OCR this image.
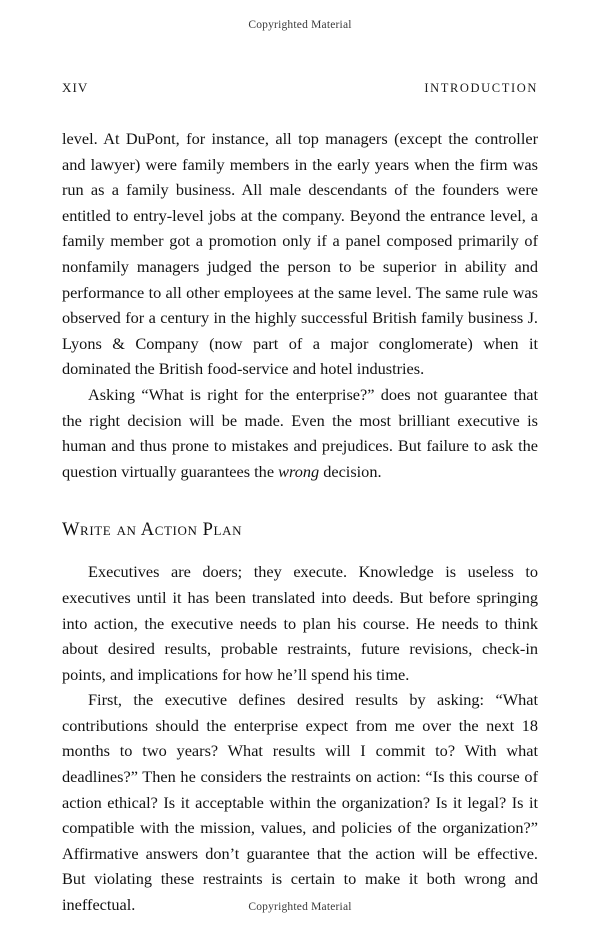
Copyrighted Material
XIV	INTRODUCTION

level. At DuPont, for instance, all top managers (except the controller and lawyer) were family members in the early years when the firm was run as a family business. All male descendants of the founders were entitled to entry-level jobs at the company. Beyond the entrance level, a family member got a promotion only if a panel composed primarily of nonfamily managers judged the person to be superior in ability and performance to all other employees at the same level. The same rule was observed for a century in the highly successful British family business J. Lyons & Company (now part of a major conglomerate) when it dominated the British food-service and hotel industries.

Asking “What is right for the enterprise?” does not guarantee that the right decision will be made. Even the most brilliant executive is human and thus prone to mistakes and prejudices. But failure to ask the question virtually guarantees the wrong decision.

Write an Action Plan

Executives are doers; they execute. Knowledge is useless to executives until it has been translated into deeds. But before springing into action, the executive needs to plan his course. He needs to think about desired results, probable restraints, future revisions, check-in points, and implications for how he’ll spend his time.

First, the executive defines desired results by asking: “What contributions should the enterprise expect from me over the next 18 months to two years? What results will I commit to? With what deadlines?” Then he considers the restraints on action: “Is this course of action ethical? Is it acceptable within the organization? Is it legal? Is it compatible with the mission, values, and policies of the organization?” Affirmative answers don’t guarantee that the action will be effective. But violating these restraints is certain to make it both wrong and ineffectual.	Copyrighted Material
